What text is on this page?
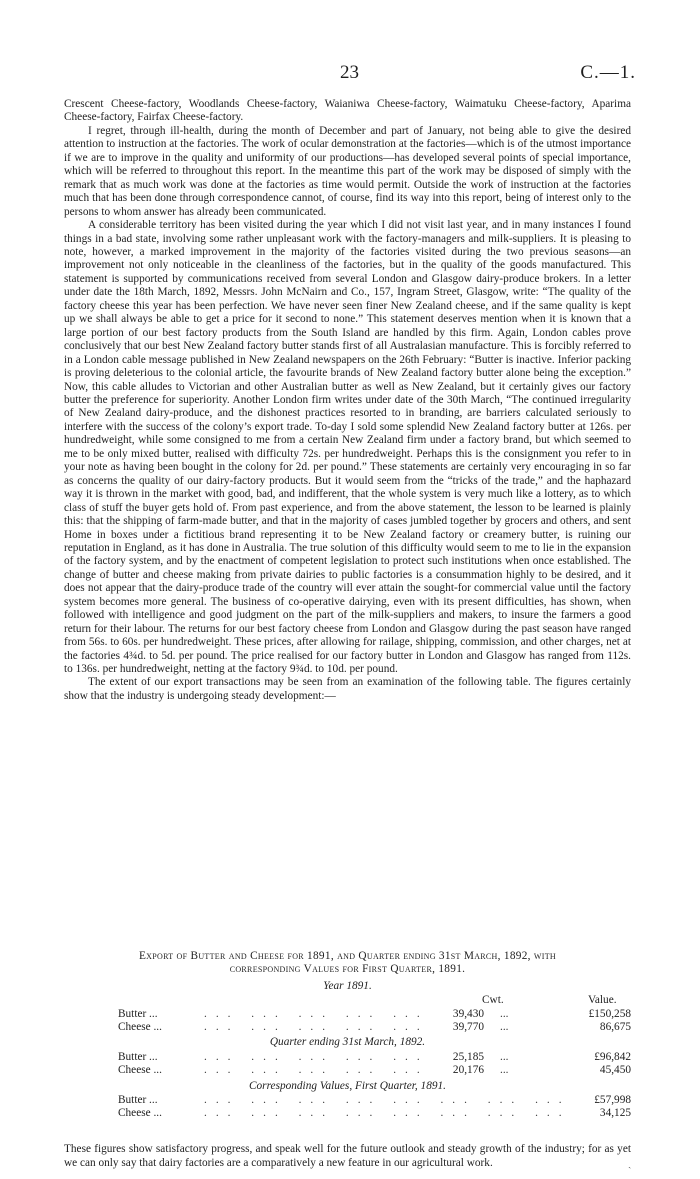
23	C.—1.

Crescent Cheese-factory, Woodlands Cheese-factory, Waianiwa Cheese-factory, Waimatuku Cheese-factory, Aparima Cheese-factory, Fairfax Cheese-factory.

I regret, through ill-health, during the month of December and part of January, not being able to give the desired attention to instruction at the factories. The work of ocular demonstration at the factories—which is of the utmost importance if we are to improve in the quality and uniformity of our productions—has developed several points of special importance, which will be referred to throughout this report. In the meantime this part of the work may be disposed of simply with the remark that as much work was done at the factories as time would permit. Outside the work of instruction at the factories much that has been done through correspondence cannot, of course, find its way into this report, being of interest only to the persons to whom answer has already been communicated.

A considerable territory has been visited during the year which I did not visit last year, and in many instances I found things in a bad state, involving some rather unpleasant work with the factory-managers and milk-suppliers. It is pleasing to note, however, a marked improvement in the majority of the factories visited during the two previous seasons—an improvement not only noticeable in the cleanliness of the factories, but in the quality of the goods manufactured. This statement is supported by communications received from several London and Glasgow dairy-produce brokers. In a letter under date the 18th March, 1892, Messrs. John McNairn and Co., 157, Ingram Street, Glasgow, write: “The quality of the factory cheese this year has been perfection. We have never seen finer New Zealand cheese, and if the same quality is kept up we shall always be able to get a price for it second to none.” This statement deserves mention when it is known that a large portion of our best factory products from the South Island are handled by this firm. Again, London cables prove conclusively that our best New Zealand factory butter stands first of all Australasian manufacture. This is forcibly referred to in a London cable message published in New Zealand newspapers on the 26th February: “Butter is inactive. Inferior packing is proving deleterious to the colonial article, the favourite brands of New Zealand factory butter alone being the exception.” Now, this cable alludes to Victorian and other Australian butter as well as New Zealand, but it certainly gives our factory butter the preference for superiority. Another London firm writes under date of the 30th March, “The continued irregularity of New Zealand dairy-produce, and the dishonest practices resorted to in branding, are barriers calculated seriously to interfere with the success of the colony’s export trade. To-day I sold some splendid New Zealand factory butter at 126s. per hundredweight, while some consigned to me from a certain New Zealand firm under a factory brand, but which seemed to me to be only mixed butter, realised with difficulty 72s. per hundredweight. Perhaps this is the consignment you refer to in your note as having been bought in the colony for 2d. per pound.” These statements are certainly very encouraging in so far as concerns the quality of our dairy-factory products. But it would seem from the “tricks of the trade,” and the haphazard way it is thrown in the market with good, bad, and indifferent, that the whole system is very much like a lottery, as to which class of stuff the buyer gets hold of. From past experience, and from the above statement, the lesson to be learned is plainly this: that the shipping of farm-made butter, and that in the majority of cases jumbled together by grocers and others, and sent Home in boxes under a fictitious brand representing it to be New Zealand factory or creamery butter, is ruining our reputation in England, as it has done in Australia. The true solution of this difficulty would seem to me to lie in the expansion of the factory system, and by the enactment of competent legislation to protect such institutions when once established. The change of butter and cheese making from private dairies to public factories is a consummation highly to be desired, and it does not appear that the dairy-produce trade of the country will ever attain the sought-for commercial value until the factory system becomes more general. The business of co-operative dairying, even with its present difficulties, has shown, when followed with intelligence and good judgment on the part of the milk-suppliers and makers, to insure the farmers a good return for their labour. The returns for our best factory cheese from London and Glasgow during the past season have ranged from 56s. to 60s. per hundredweight. These prices, after allowing for railage, shipping, commission, and other charges, net at the factories 4¾d. to 5d. per pound. The price realised for our factory butter in London and Glasgow has ranged from 112s. to 136s. per hundredweight, netting at the factory 9¾d. to 10d. per pound.

The extent of our export transactions may be seen from an examination of the following table. The figures certainly show that the industry is undergoing steady development:—

Export of Butter and Cheese for 1891, and Quarter ending 31st March, 1892, with
corresponding Values for First Quarter, 1891.
Year 1891.
Cwt.	Value.
Butter ...	... ... ... ... ... 39,430 ...	£150,258
Cheese ...	... ... ... ... ... 39,770 ...	86,675
Quarter ending 31st March, 1892.
Butter ...	... ... ... ... ... 25,185 ...	£96,842
Cheese ...	... ... ... ... ... 20,176 ...	45,450
Corresponding Values, First Quarter, 1891.
Butter ...	... ... ... ... ... ... ... ... £57,998
Cheese ...	... ... ... ... ... ... ... ...	34,125

These figures show satisfactory progress, and speak well for the future outlook and steady growth of the industry; for as yet we can only say that dairy factories are a comparatively a new feature in our agricultural work.	ˎ
